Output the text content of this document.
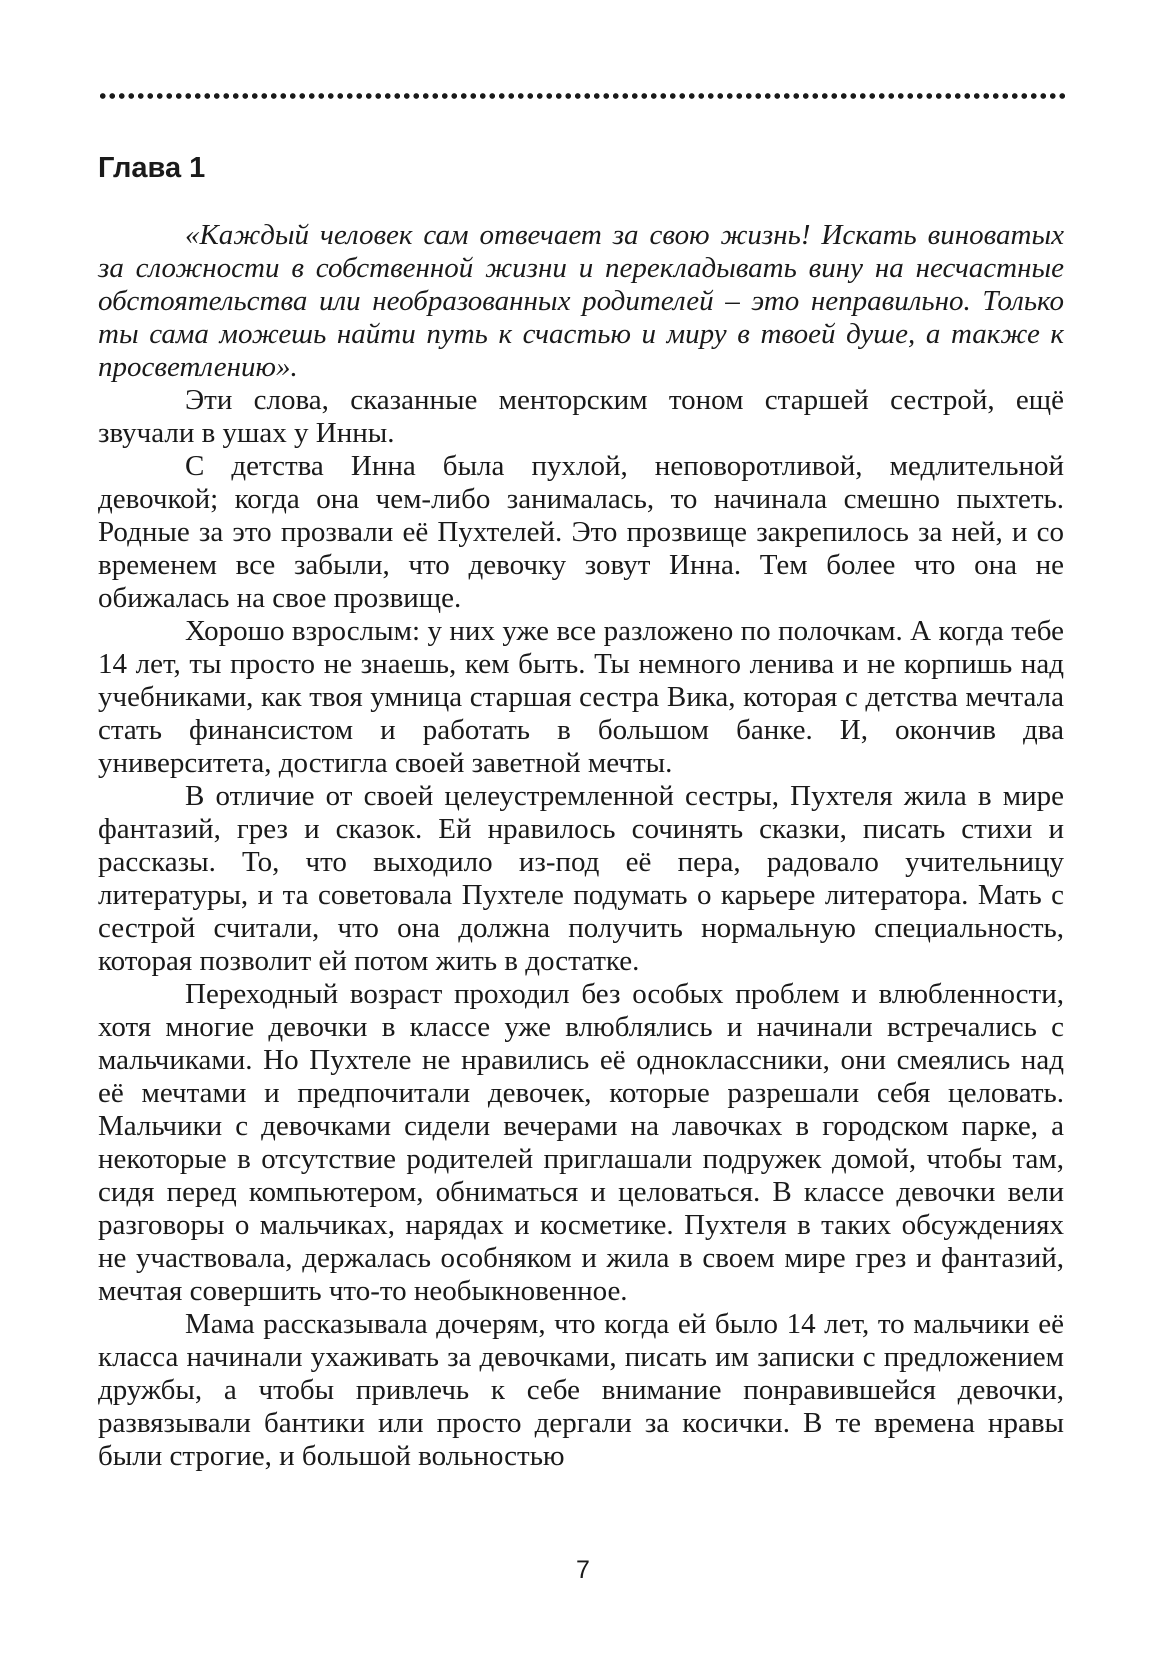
Глава 1

«Каждый человек сам отвечает за свою жизнь! Искать виноватых за сложности в собственной жизни и перекладывать вину на несчастные обстоятельства или необразованных родителей – это неправильно. Только ты сама можешь найти путь к счастью и миру в твоей душе, а также к просветлению».

Эти слова, сказанные менторским тоном старшей сестрой, ещё звучали в ушах у Инны.

С детства Инна была пухлой, неповоротливой, медлительной девочкой; когда она чем-либо занималась, то начинала смешно пыхтеть. Родные за это прозвали её Пухтелей. Это прозвище закрепилось за ней, и со временем все забыли, что девочку зовут Инна. Тем более что она не обижалась на свое прозвище.

Хорошо взрослым: у них уже все разложено по полочкам. А когда тебе 14 лет, ты просто не знаешь, кем быть. Ты немного ленива и не корпишь над учебниками, как твоя умница старшая сестра Вика, которая с детства мечтала стать финансистом и работать в большом банке. И, окончив два университета, достигла своей заветной мечты.

В отличие от своей целеустремленной сестры, Пухтеля жила в мире фантазий, грез и сказок. Ей нравилось сочинять сказки, писать стихи и рассказы. То, что выходило из-под её пера, радовало учительницу литературы, и та советовала Пухтеле подумать о карьере литератора. Мать с сестрой считали, что она должна получить нормальную специальность, которая позволит ей потом жить в достатке.

Переходный возраст проходил без особых проблем и влюбленности, хотя многие девочки в классе уже влюблялись и начинали встречались с мальчиками. Но Пухтеле не нравились её одноклассники, они смеялись над её мечтами и предпочитали девочек, которые разрешали себя целовать. Мальчики с девочками сидели вечерами на лавочках в городском парке, а некоторые в отсутствие родителей приглашали подружек домой, чтобы там, сидя перед компьютером, обниматься и целоваться. В классе девочки вели разговоры о мальчиках, нарядах и косметике. Пухтеля в таких обсуждениях не участвовала, держалась особняком и жила в своем мире грез и фантазий, мечтая совершить что-то необыкновенное.

Мама рассказывала дочерям, что когда ей было 14 лет, то мальчики её класса начинали ухаживать за девочками, писать им записки с предложением дружбы, а чтобы привлечь к себе внимание понравившейся девочки, развязывали бантики или просто дергали за косички. В те времена нравы были строгие, и большой вольностью

7
